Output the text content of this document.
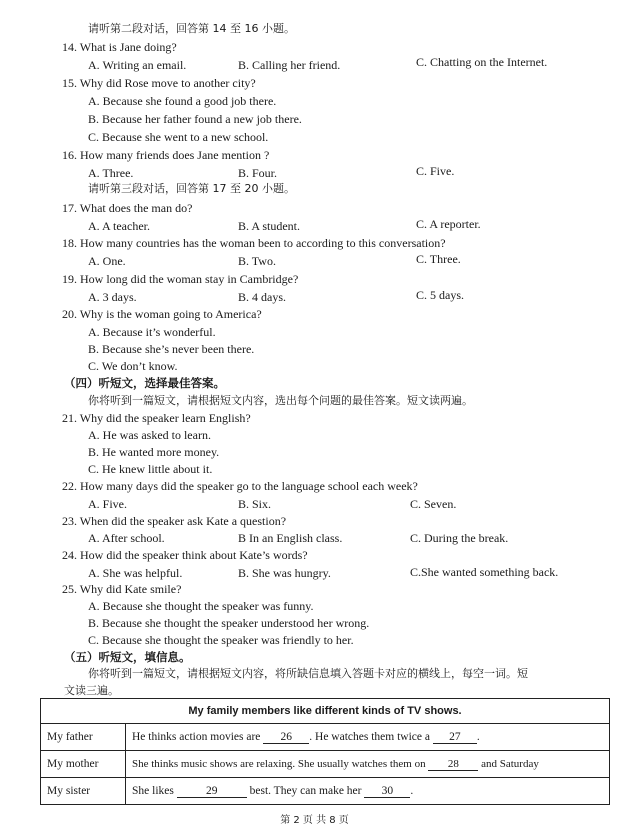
请听第二段对话，回答第 14 至 16 小题。
14. What is Jane doing?
A. Writing an email.	B. Calling her friend.	C. Chatting on the Internet.
15. Why did Rose move to another city?
A. Because she found a good job there.
B. Because her father found a new job there.
C. Because she went to a new school.
16. How many friends does Jane mention ?
A. Three.	B. Four.	C. Five.
请听第三段对话，回答第 17 至 20 小题。
17. What does the man do?
A. A teacher.	B. A student.	C. A reporter.
18. How many countries has the woman been to according to this conversation?
A. One.	B. Two.	C. Three.
19. How long did the woman stay in Cambridge?
A. 3 days.	B. 4 days.	C. 5 days.
20. Why is the woman going to America?
A. Because it’s wonderful.
B. Because she’s never been there.
C. We don’t know.
（四）听短文，选择最佳答案。
你将听到一篇短文，请根据短文内容，选出每个问题的最佳答案。短文读两遍。
21. Why did the speaker learn English?
A. He was asked to learn.
B. He wanted more money.
C. He knew little about it.
22. How many days did the speaker go to the language school each week?
A. Five.	B. Six.	C. Seven.
23. When did the speaker ask Kate a question?
A. After school.	B In an English class.	C. During the break.
24. How did the speaker think about Kate’s words?
A. She was helpful.	B. She was hungry.	C.She wanted something back.
25. Why did Kate smile?
A. Because she thought the speaker was funny.
B. Because she thought the speaker understood her wrong.
C. Because she thought the speaker was friendly to her.
（五）听短文，填信息。
你将听到一篇短文，请根据短文内容，将所缺信息填入答题卡对应的横线上，每空一词。短
文读三遍。
My family members like different kinds of TV shows.	
My father	He thinks action movies are 26 . He watches them twice a 27 .
My mother	She thinks music shows are relaxing. She usually watches them on 28 and Saturday
My sister	She likes 29 best. They can make her 30 .
第 2 页 共 8 页
